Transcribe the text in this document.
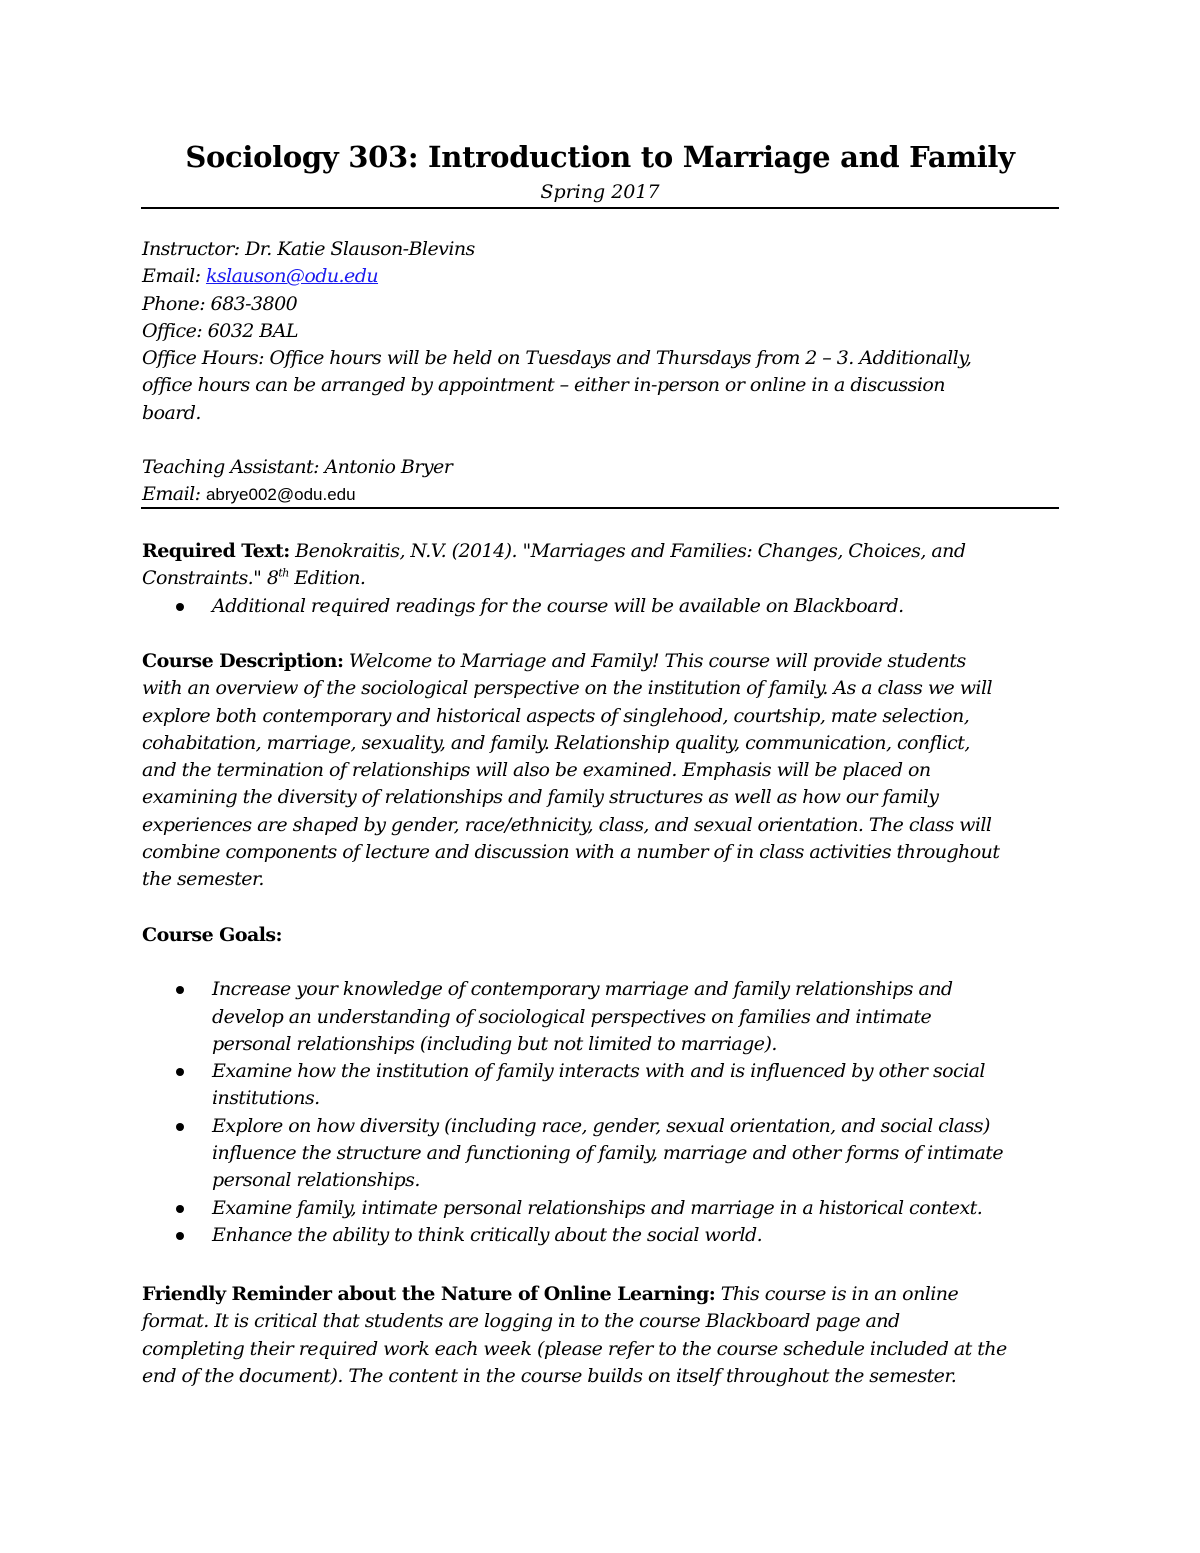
Sociology 303: Introduction to Marriage and Family
Spring 2017
Instructor: Dr. Katie Slauson-Blevins
Email: kslauson@odu.edu
Phone: 683-3800
Office: 6032 BAL
Office Hours: Office hours will be held on Tuesdays and Thursdays from 2 – 3. Additionally,
office hours can be arranged by appointment – either in-person or online in a discussion
board.
Teaching Assistant: Antonio Bryer
Email: abrye002@odu.edu
Required Text: Benokraitis, N.V. (2014). "Marriages and Families: Changes, Choices, and
Constraints." 8th Edition.
Additional required readings for the course will be available on Blackboard.
Course Description: Welcome to Marriage and Family! This course will provide students
with an overview of the sociological perspective on the institution of family. As a class we will
explore both contemporary and historical aspects of singlehood, courtship, mate selection,
cohabitation, marriage, sexuality, and family. Relationship quality, communication, conflict,
and the termination of relationships will also be examined. Emphasis will be placed on
examining the diversity of relationships and family structures as well as how our family
experiences are shaped by gender, race/ethnicity, class, and sexual orientation. The class will
combine components of lecture and discussion with a number of in class activities throughout
the semester.
Course Goals:
Increase your knowledge of contemporary marriage and family relationships and
develop an understanding of sociological perspectives on families and intimate
personal relationships (including but not limited to marriage).
Examine how the institution of family interacts with and is influenced by other social
institutions.
Explore on how diversity (including race, gender, sexual orientation, and social class)
influence the structure and functioning of family, marriage and other forms of intimate
personal relationships.
Examine family, intimate personal relationships and marriage in a historical context.
Enhance the ability to think critically about the social world.
Friendly Reminder about the Nature of Online Learning: This course is in an online
format. It is critical that students are logging in to the course Blackboard page and
completing their required work each week (please refer to the course schedule included at the
end of the document). The content in the course builds on itself throughout the semester.
